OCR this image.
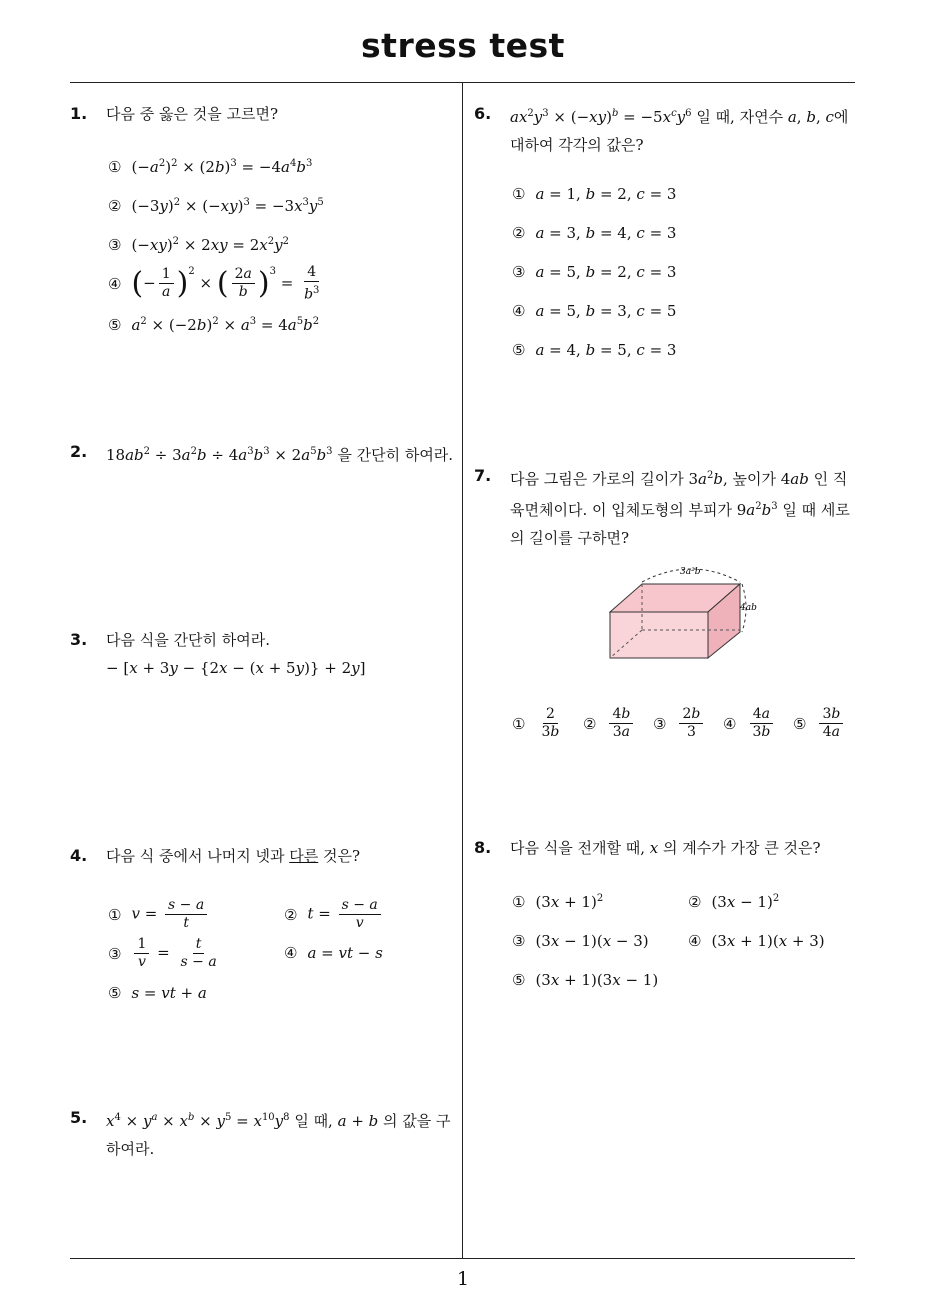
stress test
1
1. 다음 중 옳은 것을 고르면?
① $(-a^2)^2 \times (2b)^3 = -4a^4b^3$
② $(-3y)^2 \times (-xy)^3 = -3x^3y^5$
③ $(-xy)^2 \times 2xy = 2x^2y^2$
④ (− $\frac{1}{a} )^2$ × ( $\frac{2a}{b} )^3 = \frac{4}{b^3}$
⑤ $a^2 \times (-2b)^2 \times a^3 = 4a^5b^2$
2. $18ab^2 \div 3a^2b \div 4a^3b^3 \times 2a^5b^3$ 을 간단히 하여라.
3. 다음 식을 간단히 하여라.
− [x + 3y − {2x − (x + 5y)} + 2y]
4. 다음 식 중에서 나머지 넷과 다른 것은?
① $v = \frac{s - a}{t}$	② $t = \frac{s - a}{v}$
③ $\frac{1}{v} = \frac{t}{s - a}$	④ a = vt − s
⑤ s = vt + a
5. $x^4 \times y^a \times x^b \times y^5 = x^{10}y^8$ 일 때, a + b 의 값을 구하여라.
6. $ax^2y^3 \times (-xy)^b = -5x^cy^6$ 일 때, 자연수 a, b, c에 대하여 각각의 값은?
① a = 1, b = 2, c = 3
② a = 3, b = 4, c = 3
③ a = 5, b = 2, c = 3
④ a = 5, b = 3, c = 5
⑤ a = 4, b = 5, c = 3
7. 다음 그림은 가로의 길이가 $3a^2b$, 높이가 4ab 인 직육면체이다. 이 입체도형의 부피가 $9a^2b^3$ 일 때 세로의 길이를 구하면?
3a²b
4ab
① $\frac{2}{3b}$ ② $\frac{4b}{3a}$ ③ $\frac{2b}{3}$ ④ $\frac{4a}{3b}$ ⑤ $\frac{3b}{4a}$
8. 다음 식을 전개할 때, x 의 계수가 가장 큰 것은?
① $(3x + 1)^2$	② $(3x - 1)^2$
③ (3x − 1)(x − 3)	④ (3x + 1)(x + 3)
⑤ (3x + 1)(3x − 1)
